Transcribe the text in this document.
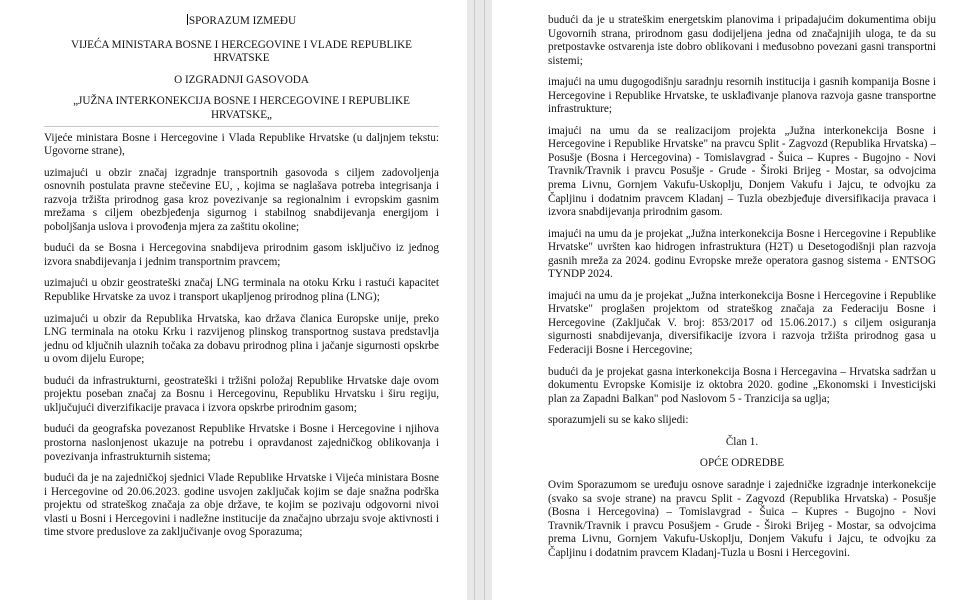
SPORAZUM IZMEĐU
VIJEĆA MINISTARA BOSNE I HERCEGOVINE I VLADE REPUBLIKE HRVATSKE
O IZGRADNJI GASOVODA
„JUŽNA INTERKONEKCIJA BOSNE I HERCEGOVINE I REPUBLIKE HRVATSKE„

Vijeće ministara Bosne i Hercegovine i Vlada Republike Hrvatske (u daljnjem tekstu: Ugovorne strane),

uzimajući u obzir značaj izgradnje transportnih gasovoda s ciljem zadovoljenja osnovnih postulata pravne stečevine EU, , kojima se naglašava potreba integrisanja i razvoja tržišta prirodnog gasa kroz povezivanje sa regionalnim i evropskim gasnim mrežama s ciljem obezbjeđenja sigurnog i stabilnog snabdijevanja energijom i poboljšanja uslova i provođenja mjera za zaštitu okoline;

budući da se Bosna i Hercegovina snabdijeva prirodnim gasom isključivo iz jednog izvora snabdijevanja i jednim transportnim pravcem;

uzimajući u obzir geostrateški značaj LNG terminala na otoku Krku i rastući kapacitet Republike Hrvatske za uvoz i transport ukapljenog prirodnog plina (LNG);

uzimajući u obzir da Republika Hrvatska, kao država članica Europske unije, preko LNG terminala na otoku Krku i razvijenog plinskog transportnog sustava predstavlja jednu od ključnih ulaznih točaka za dobavu prirodnog plina i jačanje sigurnosti opskrbe u ovom dijelu Europe;

budući da infrastrukturni, geostrateški i tržišni položaj Republike Hrvatske daje ovom projektu poseban značaj za Bosnu i Hercegovinu, Republiku Hrvatsku i širu regiju, uključujući diverzifikacije pravaca i izvora opskrbe prirodnim gasom;

budući da geografska povezanost Republike Hrvatske i Bosne i Hercegovine i njihova prostorna naslonjenost ukazuje na potrebu i opravdanost zajedničkog oblikovanja i povezivanja infrastrukturnih sistema;

budući da je na zajedničkoj sjednici Vlade Republike Hrvatske i Vijeća ministara Bosne i Hercegovine od 20.06.2023. godine usvojen zaključak kojim se daje snažna podrška projektu od strateškog značaja za obje države, te kojim se pozivaju odgovorni nivoi vlasti u Bosni i Hercegovini i nadležne institucije da značajno ubrzaju svoje aktivnosti i time stvore preduslove za zaključivanje ovog Sporazuma;

budući da je u strateškim energetskim planovima i pripadajućim dokumentima obiju Ugovornih strana, prirodnom gasu dodijeljena jedna od značajnijih uloga, te da su pretpostavke ostvarenja iste dobro oblikovani i međusobno povezani gasni transportni sistemi;

imajući na umu dugogodišnju saradnju resornih institucija i gasnih kompanija Bosne i Hercegovine i Republike Hrvatske, te usklađivanje planova razvoja gasne transportne infrastrukture;

imajući na umu da se realizacijom projekta „Južna interkonekcija Bosne i Hercegovine i Republike Hrvatske" na pravcu Split - Zagvozd (Republika Hrvatska) – Posušje (Bosna i Hercegovina) - Tomislavgrad - Šuica – Kupres - Bugojno - Novi Travnik/Travnik i pravcu Posušje - Grude - Široki Brijeg - Mostar, sa odvojcima prema Livnu, Gornjem Vakufu-Uskoplju, Donjem Vakufu i Jajcu, te odvojku za Čapljinu i dodatnim pravcem Kladanj – Tuzla obezbjeđuje diversifikacija pravaca i izvora snabdijevanja prirodnim gasom.

imajući na umu da je projekat „Južna interkonekcija Bosne i Hercegovine i Republike Hrvatske" uvršten kao hidrogen infrastruktura (H2T) u Desetogodišnji plan razvoja gasnih mreža za 2024. godinu Evropske mreže operatora gasnog sistema - ENTSOG TYNDP 2024.

imajući na umu da je projekat „Južna interkonekcija Bosne i Hercegovine i Republike Hrvatske" proglašen projektom od strateškog značaja za Federaciju Bosne i Hercegovine (Zaključak V. broj: 853/2017 od 15.06.2017.) s ciljem osiguranja sigurnosti snabdijevanja, diversifikacije izvora i razvoja tržišta prirodnog gasa u Federaciji Bosne i Hercegovine;

budući da je projekat gasna interkonekcija Bosna i Hercegavina – Hrvatska sadržan u dokumentu Evropske Komisije iz oktobra 2020. godine „Ekonomski i Investicijski plan za Zapadni Balkan" pod Naslovom 5 - Tranzicija sa uglja;

sporazumjeli su se kako slijedi:

Član 1.
OPĆE ODREDBE

Ovim Sporazumom se uređuju osnove saradnje i zajedničke izgradnje interkonekcije (svako sa svoje strane) na pravcu Split - Zagvozd (Republika Hrvatska) - Posušje (Bosna i Hercegovina) – Tomislavgrad - Šuica – Kupres - Bugojno - Novi Travnik/Travnik i pravcu Posušjem - Grude - Široki Brijeg - Mostar, sa odvojcima prema Livnu, Gornjem Vakufu-Uskoplju, Donjem Vakufu i Jajcu, te odvojku za Čapljinu i dodatnim pravcem Kladanj-Tuzla u Bosni i Hercegovini.
